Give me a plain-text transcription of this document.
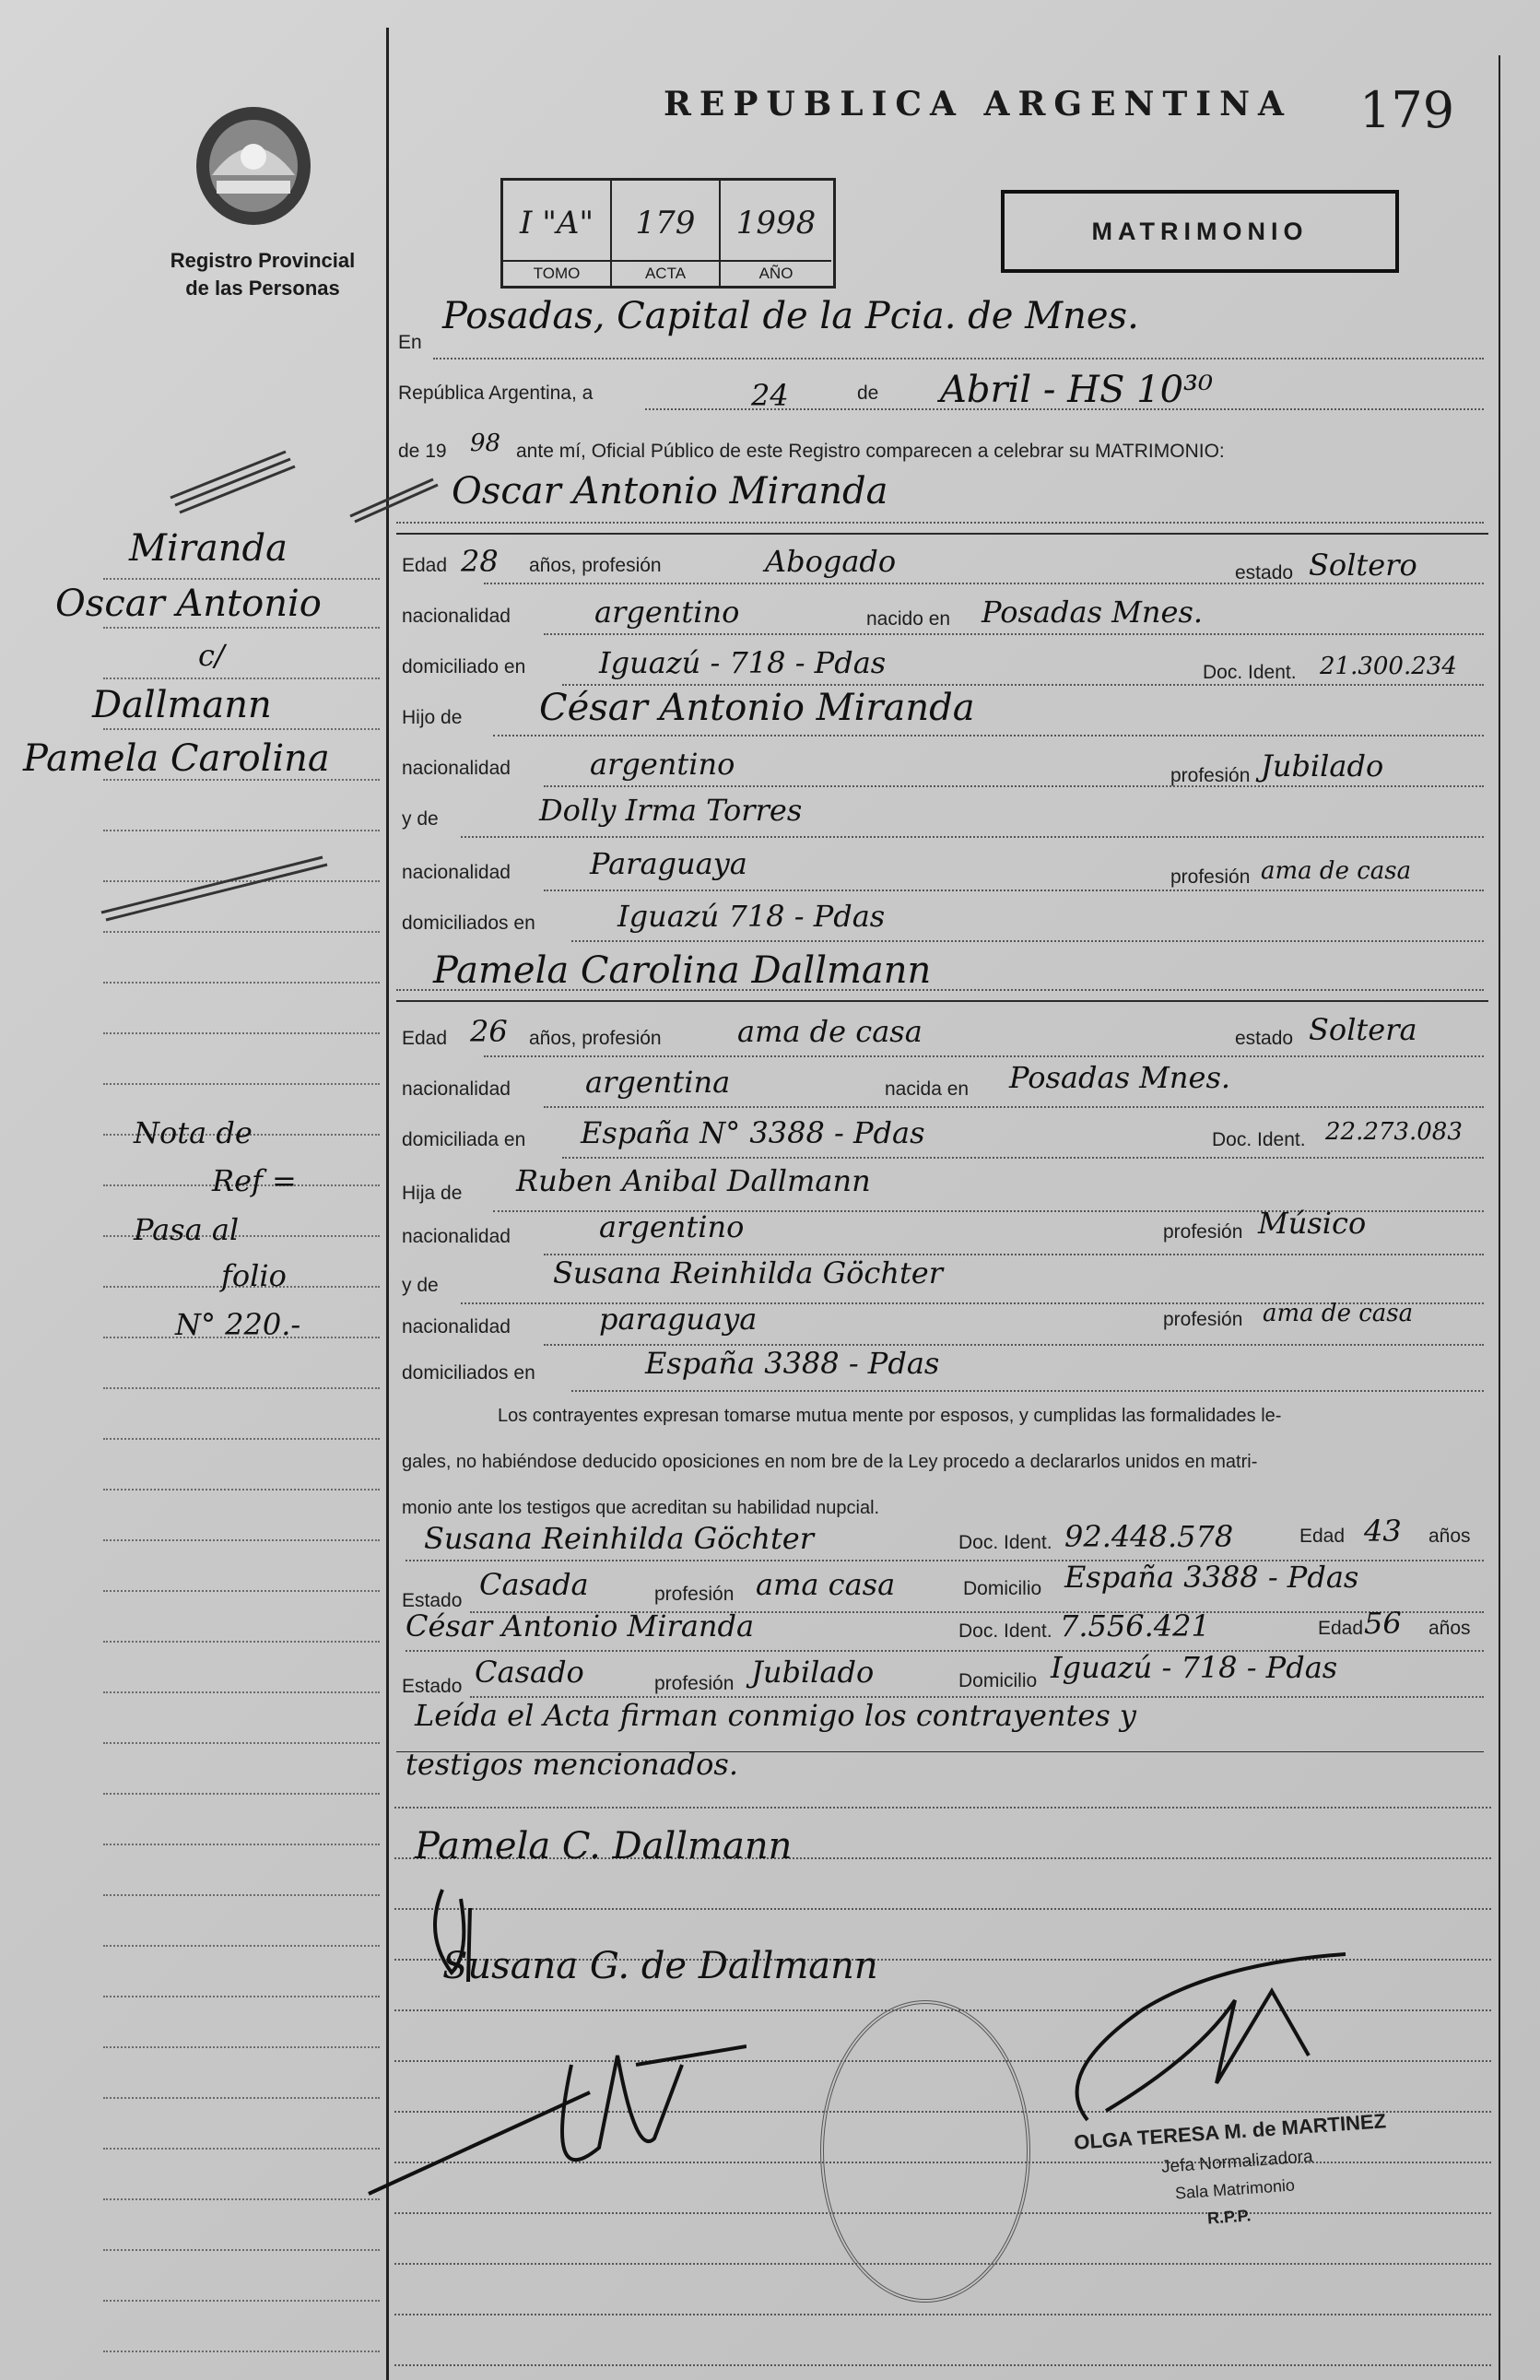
Registro Provincial
de las Personas
REPUBLICA ARGENTINA 179
I "A"
TOMO
179
ACTA
1998
AÑO
MATRIMONIO
Miranda
Oscar Antonio
c/
Dallmann
Pamela Carolina
Nota de
Ref =
Pasa al
folio
N° 220.-
En
Posadas, Capital de la Pcia. de Mnes.
República Argentina, a	24	de Abril - HS 10³⁰
de 19 98 ante mí, Oficial Público de este Registro comparecen a celebrar su MATRIMONIO:
Oscar Antonio Miranda
Edad 28 años, profesión	Abogado	estado Soltero
nacionalidad	argentino	nacido en Posadas Mnes.
domiciliado en Iguazú - 718 - Pdas	Doc. Ident. 21.300.234
Hijo de César Antonio Miranda
nacionalidad	argentino	profesión Jubilado
y de	Dolly Irma Torres
nacionalidad	Paraguaya	profesión ama de casa
domiciliados en	Iguazú 718 - Pdas
Pamela Carolina Dallmann
Edad 26 años, profesión	ama de casa	estado Soltera
nacionalidad	argentina	nacida en Posadas Mnes.
domiciliada en España N° 3388 - Pdas	Doc. Ident. 22.273.083
Hija de Ruben Anibal Dallmann
nacionalidad	argentino	profesión Músico
y de	Susana Reinhilda Göchter
nacionalidad	paraguaya	profesión ama de casa
domiciliados en	España 3388 - Pdas
Los contrayentes expresan tomarse mutua mente por esposos, y cumplidas las formalidades le-
gales, no habiéndose deducido oposiciones en nom bre de la Ley procedo a declararlos unidos en matri-
monio ante los testigos que acreditan su habilidad nupcial.
Susana Reinhilda Göchter	Doc. Ident. 92.448.578	Edad 43 años
Estado Casada	profesión ama casa	Domicilio España 3388 - Pdas
César Antonio Miranda	Doc. Ident. 7.556.421	Edad 56 años
Estado Casado	profesión Jubilado	Domicilio Iguazú - 718 - Pdas
Leída el Acta firman conmigo los contrayentes y
testigos mencionados.
Pamela C. Dallmann
Susana G. de Dallmann
OLGA TERESA M. de MARTINEZ
Jefa Normalizadora
Sala Matrimonio
R.P.P.
